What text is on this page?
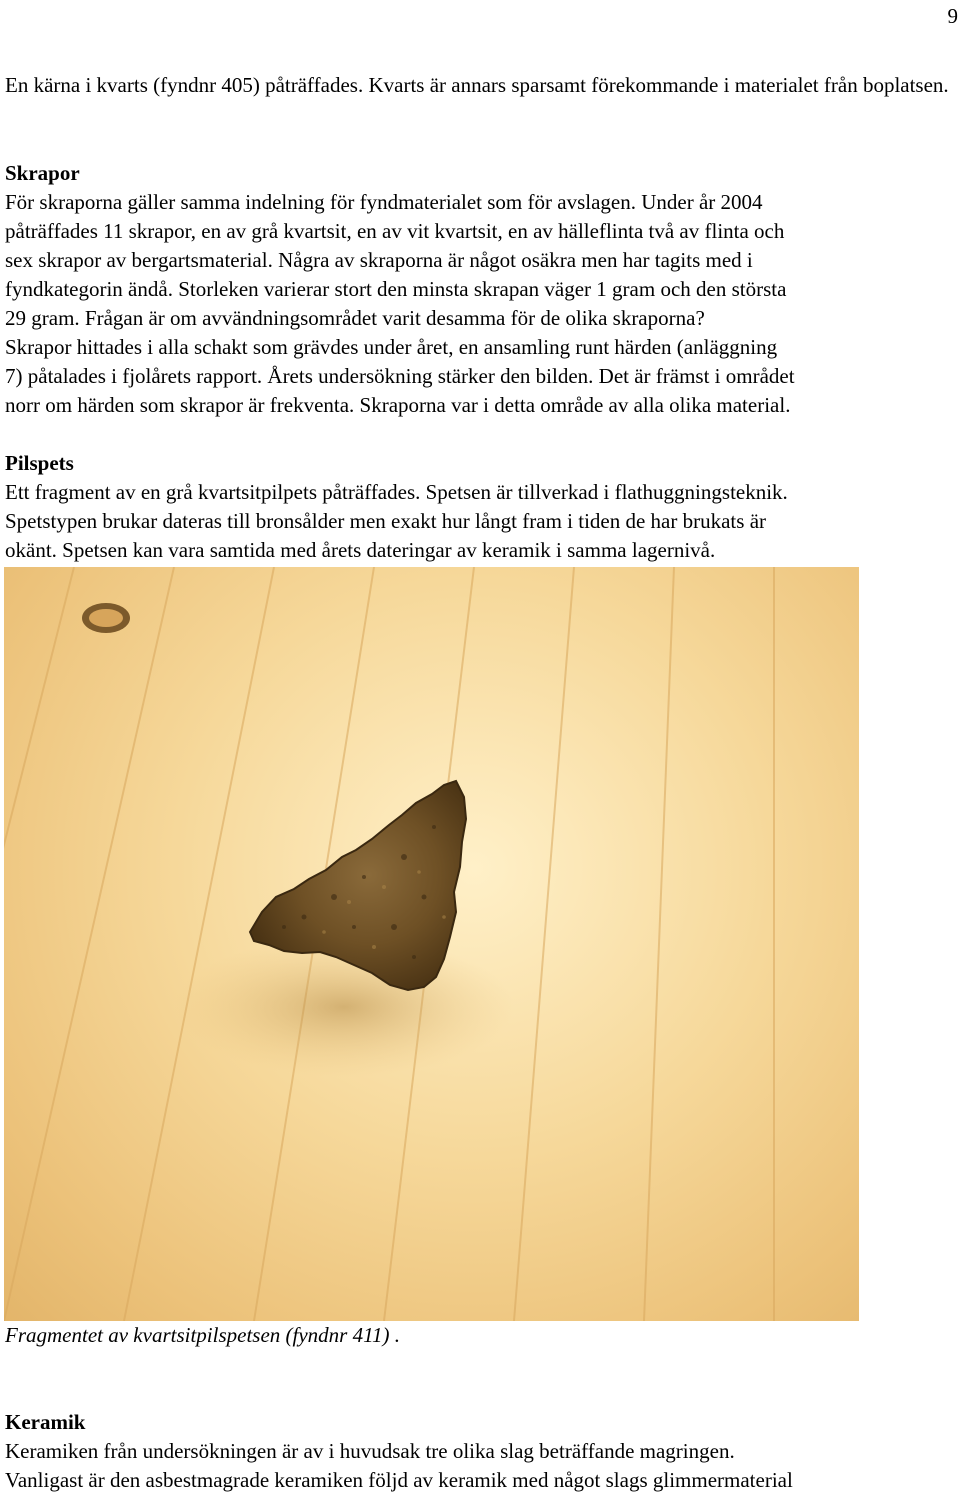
9

En kärna i kvarts (fyndnr 405) påträffades. Kvarts är annars sparsamt förekommande i materialet från boplatsen.

Skrapor
För skraporna gäller samma indelning för fyndmaterialet som för avslagen. Under år 2004
påträffades 11 skrapor, en av grå kvartsit, en av vit kvartsit, en av hälleflinta två av flinta och
sex skrapor av bergartsmaterial. Några av skraporna är något osäkra men har tagits med i
fyndkategorin ändå. Storleken varierar stort den minsta skrapan väger 1 gram och den största
29 gram. Frågan är om avvändningsområdet varit desamma för de olika skraporna?
Skrapor hittades i alla schakt som grävdes under året, en ansamling runt härden (anläggning
7) påtalades i fjolårets rapport. Årets undersökning stärker den bilden. Det är främst i området
norr om härden som skrapor är frekventa. Skraporna var i detta område av alla olika material.
Pilspets
Ett fragment av en grå kvartsitpilpets påträffades. Spetsen är tillverkad i flathuggningsteknik.
Spetstypen brukar dateras till bronsålder men exakt hur långt fram i tiden de har brukats är
okänt. Spetsen kan vara samtida med årets dateringar av keramik i samma lagernivå.
Fragmentet av kvartsitpilspetsen (fyndnr 411) .
Keramik
Keramiken från undersökningen är av i huvudsak tre olika slag beträffande magringen.
Vanligast är den asbestmagrade keramiken följd av keramik med något slags glimmermaterial
